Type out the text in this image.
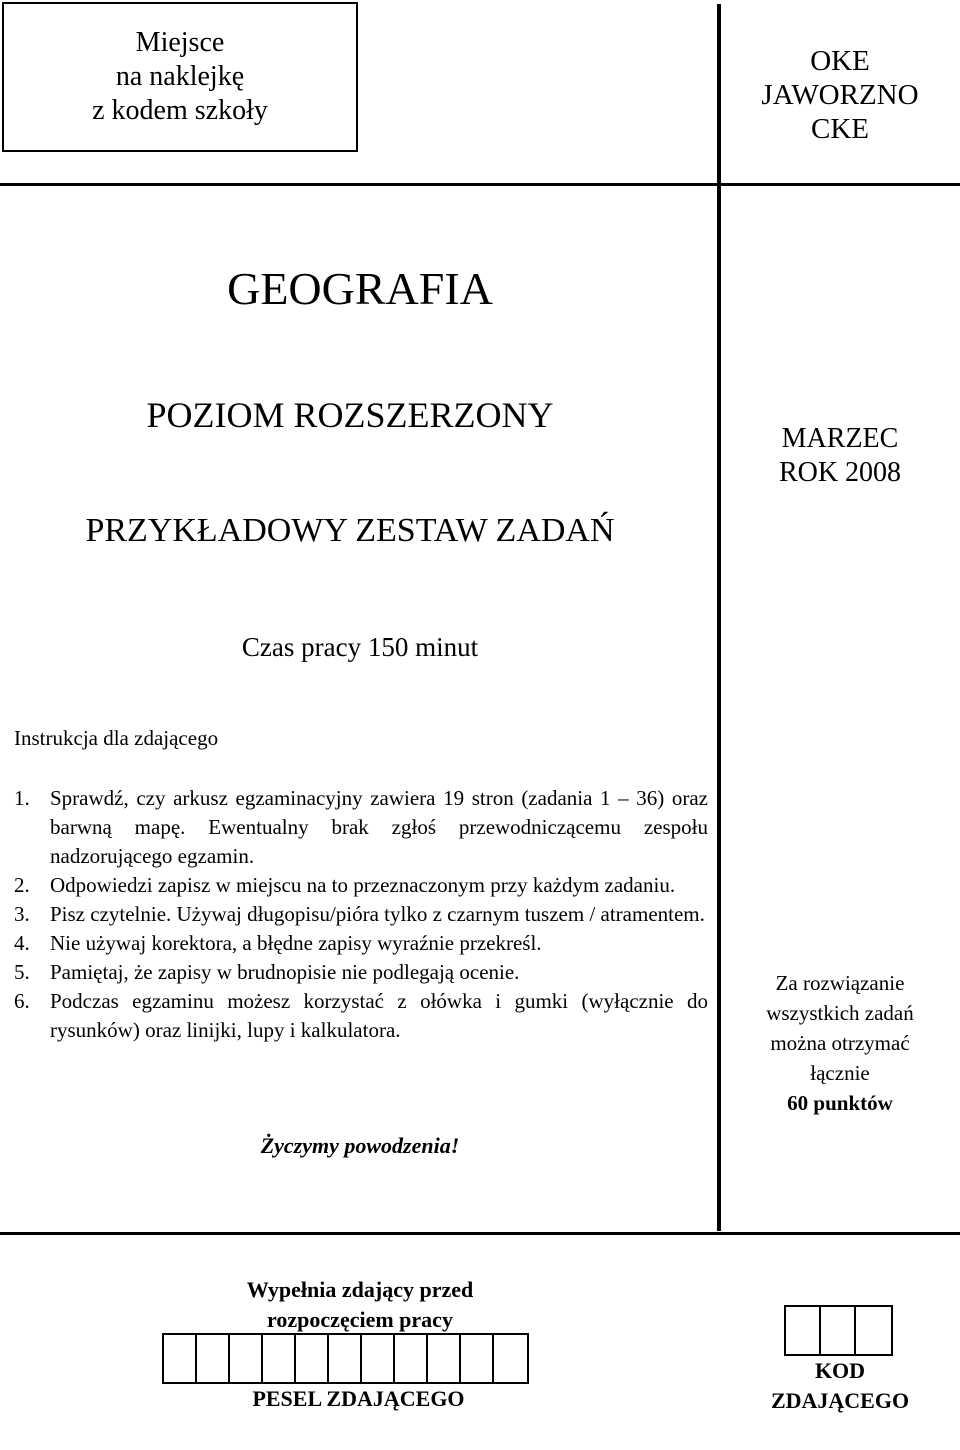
Miejsce
na naklejkę
z kodem szkoły
OKE
JAWORZNO
CKE
GEOGRAFIA
POZIOM ROZSZERZONY
PRZYKŁADOWY ZESTAW ZADAŃ
Czas pracy 150 minut
MARZEC
ROK 2008
Instrukcja dla zdającego
1. Sprawdź, czy arkusz egzaminacyjny zawiera 19 stron (zadania 1 – 36) oraz barwną mapę. Ewentualny brak zgłoś przewodniczącemu zespołu nadzorującego egzamin.
2. Odpowiedzi zapisz w miejscu na to przeznaczonym przy każdym zadaniu.
3. Pisz czytelnie. Używaj długopisu/pióra tylko z czarnym tuszem / atramentem.
4. Nie używaj korektora, a błędne zapisy wyraźnie przekreśl.
5. Pamiętaj, że zapisy w brudnopisie nie podlegają ocenie.
6. Podczas egzaminu możesz korzystać z ołówka i gumki (wyłącznie do rysunków) oraz linijki, lupy i kalkulatora.
Życzymy powodzenia!
Za rozwiązanie
wszystkich zadań
można otrzymać
łącznie
60 punktów
Wypełnia zdający przed
rozpoczęciem pracy
PESEL ZDAJĄCEGO
KOD
ZDAJĄCEGO
